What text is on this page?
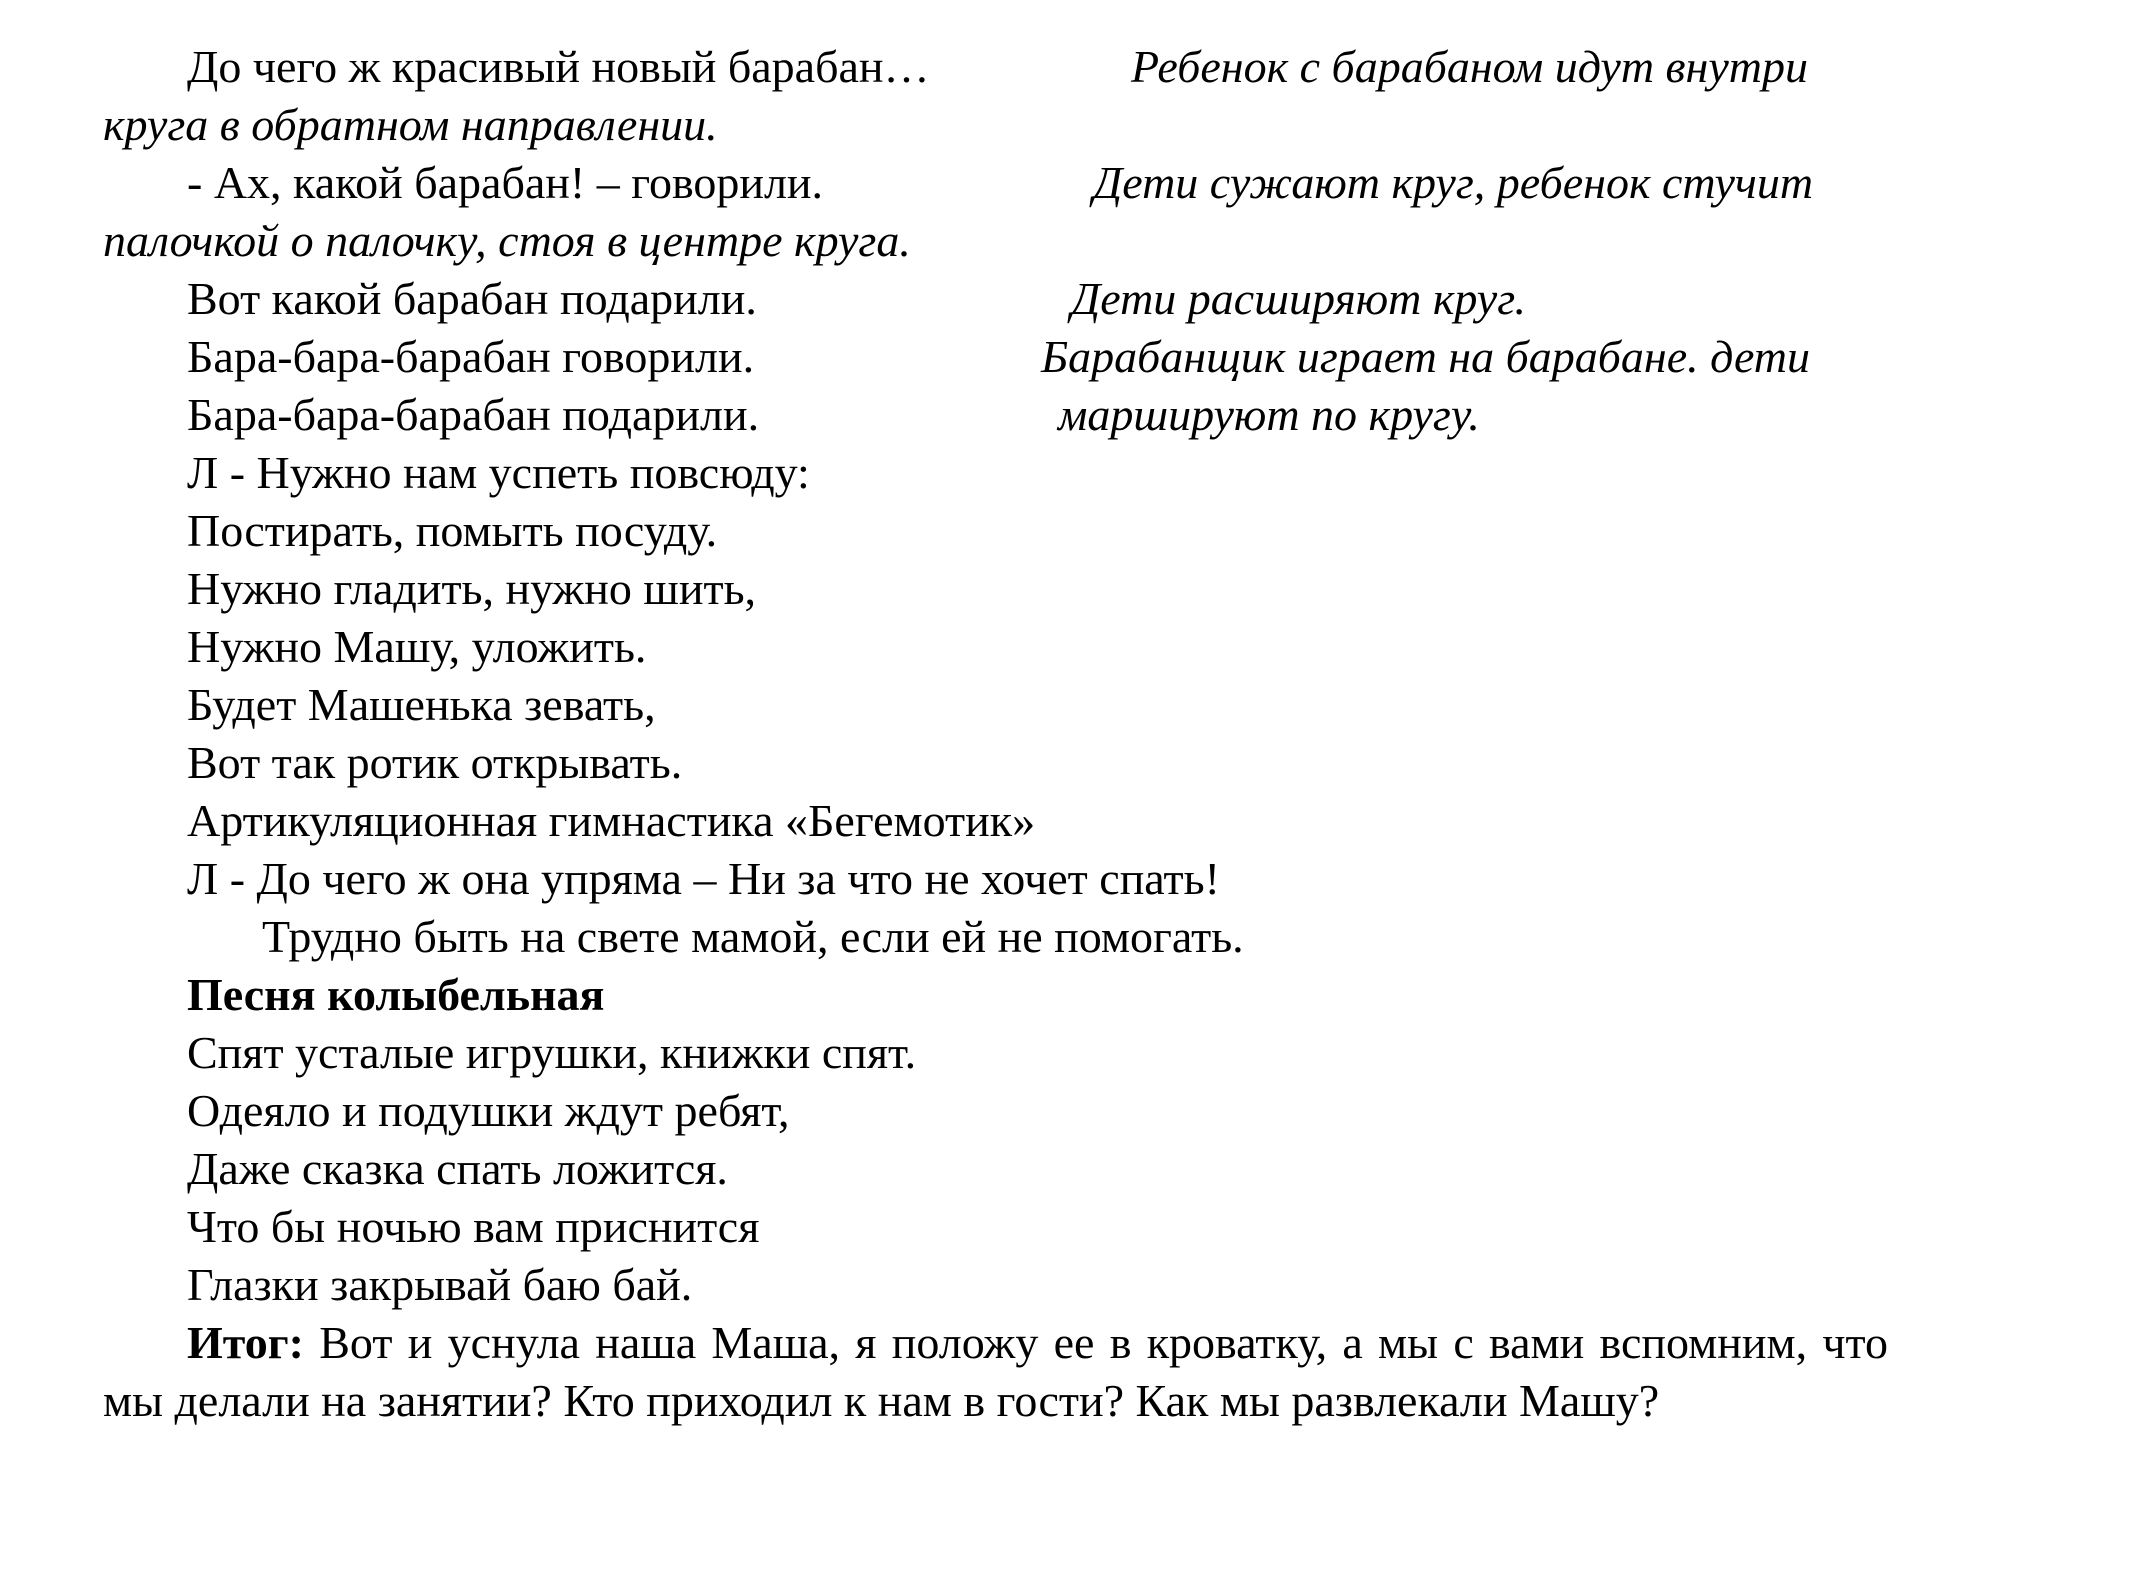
До чего ж красивый новый барабан…	Ребенок с барабаном идут внутри
круга в обратном направлении.
- Ах, какой барабан! – говорили.	Дети сужают круг, ребенок стучит
палочкой о палочку, стоя в центре круга.
Вот какой барабан подарили.	Дети расширяют круг.
Бара-бара-барабан говорили.	Барабанщик играет на барабане. дети
Бара-бара-барабан подарили.	маршируют по кругу.
Л - Нужно нам успеть повсюду:
Постирать, помыть посуду.
Нужно гладить, нужно шить,
Нужно Машу, уложить.
Будет Машенька зевать,
Вот так ротик открывать.
Артикуляционная гимнастика «Бегемотик»
Л - До чего ж она упряма – Ни за что не хочет спать!
Трудно быть на свете мамой, если ей не помогать.
Песня колыбельная
Спят усталые игрушки, книжки спят.
Одеяло и подушки ждут ребят,
Даже сказка спать ложится.
Что бы ночью вам приснится
Глазки закрывай баю бай.
Итог: Вот и уснула наша Маша, я положу ее в кроватку, а мы с вами вспомним, что мы делали на занятии? Кто приходил к нам в гости? Как мы развлекали Машу?
